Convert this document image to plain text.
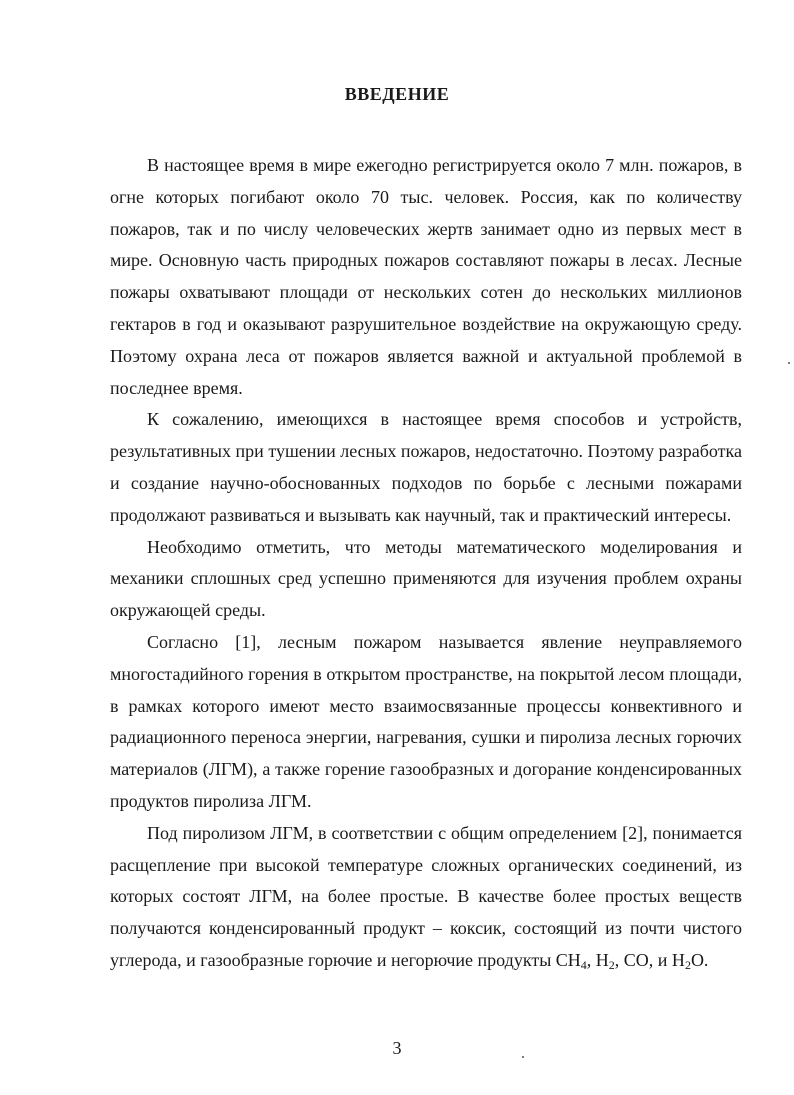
ВВЕДЕНИЕ

В настоящее время в мире ежегодно регистрируется около 7 млн. пожаров, в огне которых погибают около 70 тыс. человек. Россия, как по количеству пожаров, так и по числу человеческих жертв занимает одно из первых мест в мире. Основную часть природных пожаров составляют пожары в лесах. Лесные пожары охватывают площади от нескольких сотен до нескольких миллионов гектаров в год и оказывают разрушительное воздействие на окружающую среду. Поэтому охрана леса от пожаров является важной и актуальной проблемой в последнее время.

К сожалению, имеющихся в настоящее время способов и устройств, результативных при тушении лесных пожаров, недостаточно. Поэтому разработка и создание научно-обоснованных подходов по борьбе с лесными пожарами продолжают развиваться и вызывать как научный, так и практический интересы.

Необходимо отметить, что методы математического моделирования и механики сплошных сред успешно применяются для изучения проблем охраны окружающей среды.

Согласно [1], лесным пожаром называется явление неуправляемого многостадийного горения в открытом пространстве, на покрытой лесом площади, в рамках которого имеют место взаимосвязанные процессы конвективного и радиационного переноса энергии, нагревания, сушки и пиролиза лесных горючих материалов (ЛГМ), а также горение газообразных и догорание конденсированных продуктов пиролиза ЛГМ.

Под пиролизом ЛГМ, в соответствии с общим определением [2], понимается расщепление при высокой температуре сложных органических соединений, из которых состоят ЛГМ, на более простые. В качестве более простых веществ получаются конденсированный продукт – коксик, состоящий из почти чистого углерода, и газообразные горючие и негорючие продукты $CH_4$, $H_2$, CO, и $H_2O$.

3
